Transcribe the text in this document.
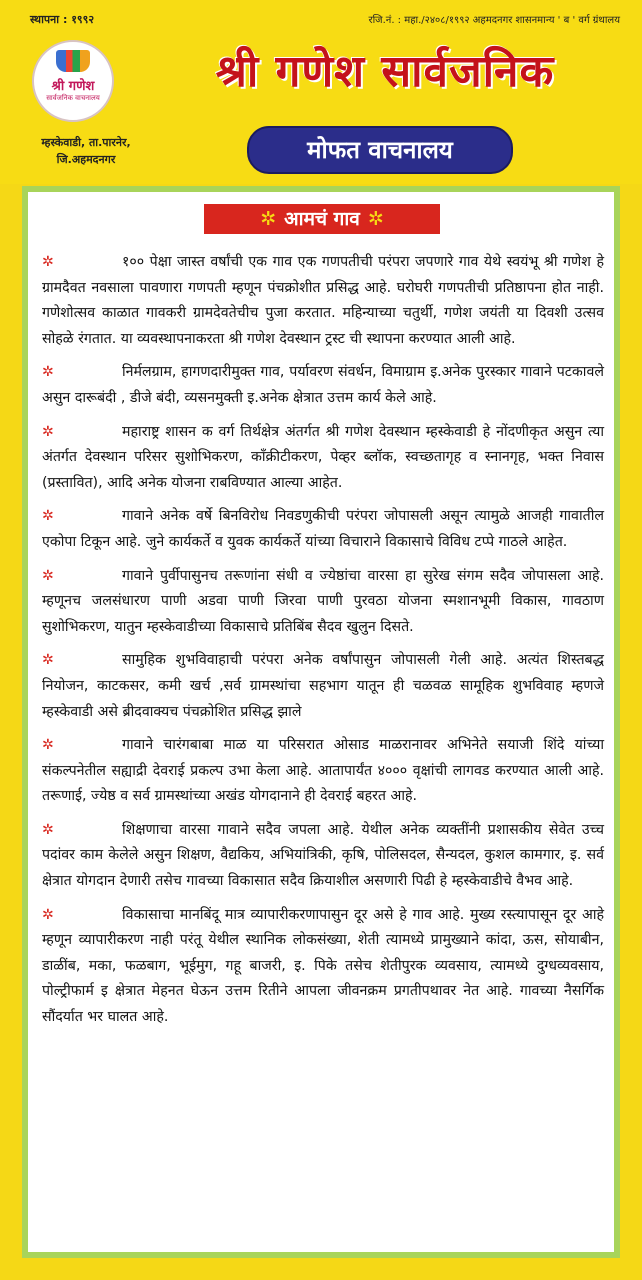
स्थापना : १९९२	रजि.नं. : महा./२४०८/१९९२ अहमदनगर शासनमान्य ' ब ' वर्ग ग्रंथालय
श्री गणेश
सार्वजनिक वाचनालय
म्हस्केवाडी, ता.पारनेर,
जि.अहमदनगर
श्री गणेश सार्वजनिक
मोफत वाचनालय
✲ आमचं गाव ✲

✲	१०० पेक्षा जास्त वर्षांची एक गाव एक गणपतीची परंपरा जपणारे गाव येथे स्वयंभू श्री गणेश हे ग्रामदैवत नवसाला पावणारा गणपती म्हणून पंचक्रोशीत प्रसिद्ध आहे. घरोघरी गणपतीची प्रतिष्ठापना होत नाही. गणेशोत्सव काळात गावकरी ग्रामदेवतेचीच पुजा करतात. महिन्याच्या चतुर्थी, गणेश जयंती या दिवशी उत्सव सोहळे रंगतात. या व्यवस्थापनाकरता श्री गणेश देवस्थान ट्रस्ट ची स्थापना करण्यात आली आहे.

✲	निर्मलग्राम, हागणदारीमुक्त गाव, पर्यावरण संवर्धन, विमाग्राम इ.अनेक पुरस्कार गावाने पटकावले असुन दारूबंदी , डीजे बंदी, व्यसनमुक्ती इ.अनेक क्षेत्रात उत्तम कार्य केले आहे.

✲	महाराष्ट्र शासन क वर्ग तिर्थक्षेत्र अंतर्गत श्री गणेश देवस्थान म्हस्केवाडी हे नोंदणीकृत असुन त्या अंतर्गत देवस्थान परिसर सुशोभिकरण, कॉंक्रीटीकरण, पेव्हर ब्लॉक, स्वच्छतागृह व स्नानगृह, भक्त निवास (प्रस्तावित), आदि अनेक योजना राबविण्यात आल्या आहेत.

✲	गावाने अनेक वर्षे बिनविरोध निवडणुकीची परंपरा जोपासली असून त्यामुळे आजही गावातील एकोपा टिकून आहे. जुने कार्यकर्ते व युवक कार्यकर्ते यांच्या विचाराने विकासाचे विविध टप्पे गाठले आहेत.

✲	गावाने पुर्वीपासुनच तरूणांना संधी व ज्येष्ठांचा वारसा हा सुरेख संगम सदैव जोपासला आहे. म्हणूनच जलसंधारण पाणी अडवा पाणी जिरवा पाणी पुरवठा योजना स्मशानभूमी विकास, गावठाण सुशोभिकरण, यातुन म्हस्केवाडीच्या विकासाचे प्रतिबिंब सैदव खुलुन दिसते.

✲	सामुहिक शुभविवाहाची परंपरा अनेक वर्षांपासुन जोपासली गेली आहे. अत्यंत शिस्तबद्ध नियोजन, काटकसर, कमी खर्च ,सर्व ग्रामस्थांचा सहभाग यातून ही चळवळ सामूहिक शुभविवाह म्हणजे म्हस्केवाडी असे ब्रीदवाक्यच पंचक्रोशित प्रसिद्ध झाले

✲	गावाने चारंगबाबा माळ या परिसरात ओसाड माळरानावर अभिनेते सयाजी शिंदे यांच्या संकल्पनेतील सह्याद्री देवराई प्रकल्प उभा केला आहे. आतापार्यंत ४००० वृक्षांची लागवड करण्यात आली आहे. तरूणाई, ज्येष्ठ व सर्व ग्रामस्थांच्या अखंड योगदानाने ही देवराई बहरत आहे.

✲	शिक्षणाचा वारसा गावाने सदैव जपला आहे. येथील अनेक व्यक्तींनी प्रशासकीय सेवेत उच्च पदांवर काम केलेले असुन शिक्षण, वैद्यकिय, अभियांत्रिकी, कृषि, पोलिसदल, सैन्यदल, कुशल कामगार, इ. सर्व क्षेत्रात योगदान देणारी तसेच गावच्या विकासात सदैव क्रियाशील असणारी पिढी हे म्हस्केवाडीचे वैभव आहे.

✲	विकासाचा मानबिंदू मात्र व्यापारीकरणापासुन दूर असे हे गाव आहे. मुख्य रस्त्यापासून दूर आहे म्हणून व्यापारीकरण नाही परंतू येथील स्थानिक लोकसंख्या, शेती त्यामध्ये प्रामुख्याने कांदा, ऊस, सोयाबीन, डाळींब, मका, फळबाग, भूईमुग, गहू बाजरी, इ. पिके तसेच शेतीपुरक व्यवसाय, त्यामध्ये दुग्धव्यवसाय, पोल्ट्रीफार्म इ क्षेत्रात मेहनत घेऊन उत्तम रितीने आपला जीवनक्रम प्रगतीपथावर नेत आहे. गावच्या नैसर्गिक सौंदर्यात भर घालत आहे.
